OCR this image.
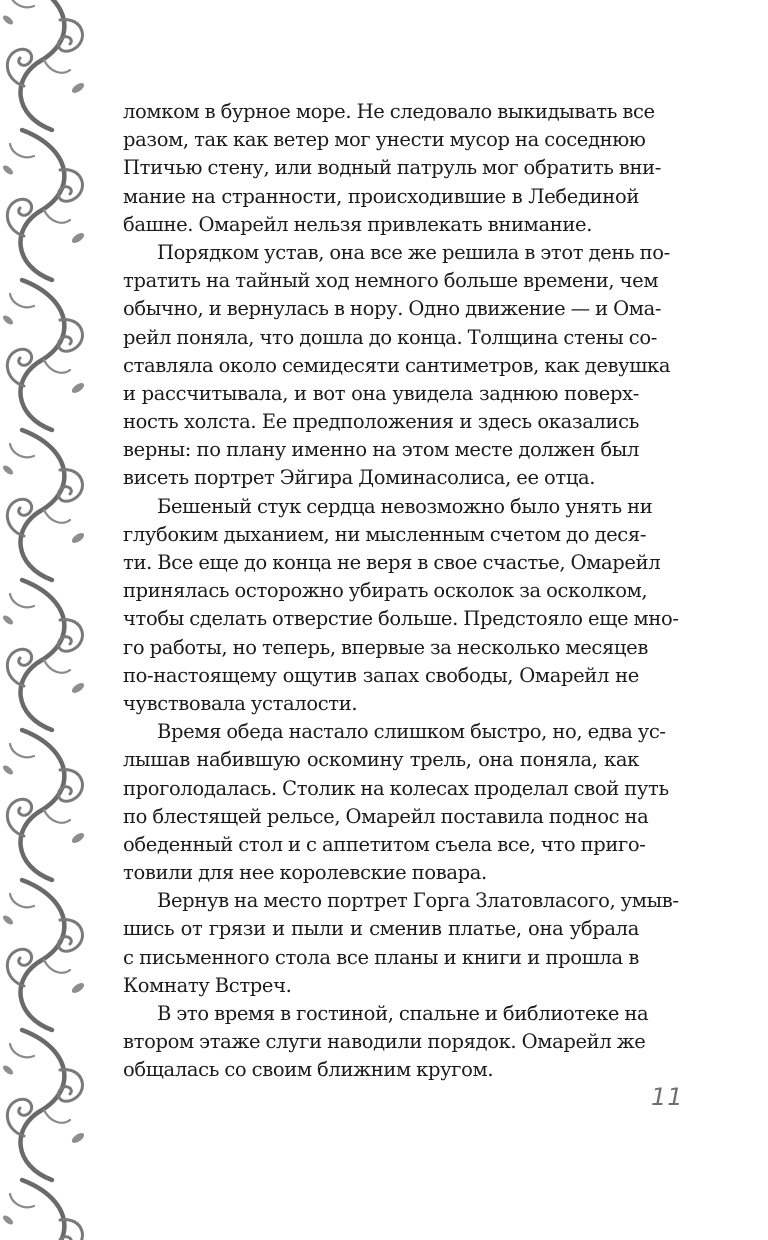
ломком в бурное море. Не следовало выкидывать все
разом, так как ветер мог унести мусор на соседнюю
Птичью стену, или водный патруль мог обратить вни-
мание на странности, происходившие в Лебединой
башне. Омарейл нельзя привлекать внимание.
Порядком устав, она все же решила в этот день по-
тратить на тайный ход немного больше времени, чем
обычно, и вернулась в нору. Одно движение — и Ома-
рейл поняла, что дошла до конца. Толщина стены со-
ставляла около семидесяти сантиметров, как девушка
и рассчитывала, и вот она увидела заднюю поверх-
ность холста. Ее предположения и здесь оказались
верны: по плану именно на этом месте должен был
висеть портрет Эйгира Доминасолиса, ее отца.
Бешеный стук сердца невозможно было унять ни
глубоким дыханием, ни мысленным счетом до деся-
ти. Все еще до конца не веря в свое счастье, Омарейл
принялась осторожно убирать осколок за осколком,
чтобы сделать отверстие больше. Предстояло еще мно-
го работы, но теперь, впервые за несколько месяцев
по-настоящему ощутив запах свободы, Омарейл не
чувствовала усталости.
Время обеда настало слишком быстро, но, едва ус-
лышав набившую оскомину трель, она поняла, как
проголодалась. Столик на колесах проделал свой путь
по блестящей рельсе, Омарейл поставила поднос на
обеденный стол и с аппетитом съела все, что приго-
товили для нее королевские повара.
Вернув на место портрет Горга Златовласого, умыв-
шись от грязи и пыли и сменив платье, она убрала
с письменного стола все планы и книги и прошла в
Комнату Встреч.
В это время в гостиной, спальне и библиотеке на
втором этаже слуги наводили порядок. Омарейл же
общалась со своим ближним кругом.
11
